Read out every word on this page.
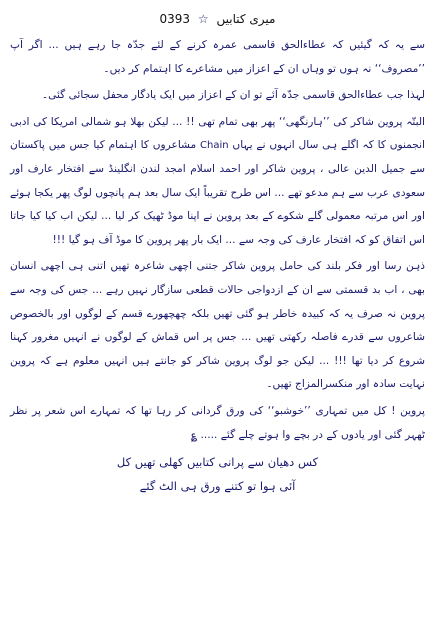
میری کتابیں ☆ 0393

سے یہ کہ گیئیں کہ عطاءالحق قاسمی عمرہ کرنے کے لئے جدّہ جا رہے ہیں ... اگر آپ ’’مصروف‘‘ نہ ہوں تو وہاں ان کے اعزاز میں مشاعرے کا اہتمام کر دیں۔

لہذا جب عطاءالحق قاسمی جدّہ آئے تو ان کے اعزاز میں ایک یادگار محفل سجائی گئی۔

البتّہ پروین شاکر کی ’’ہارنگھی‘‘ پھر بھی تمام تھی !! ... لیکن بھلا ہو شمالی امریکا کی ادبی انجمنوں کا کہ اگلے ہی سال انہوں نے یہاں Chain مشاعروں کا اہتمام کیا جس میں پاکستان سے جمیل الدین عالی ، پروین شاکر اور احمد اسلام امجد لندن انگلینڈ سے افتخار عارف اور سعودی عرب سے ہم مدعو تھے ... اس طرح تقریباً ایک سال بعد ہم پانچوں لوگ پھر یکجا ہوئے اور اس مرتبہ معمولی گلے شکوے کے بعد پروین نے اپنا موڈ ٹھیک کر لیا ... لیکن اب کیا کیا جاتا اس اتفاق کو کہ افتخار عارف کی وجہ سے ... ایک بار پھر پروین کا موڈ آف ہو گیا !!!

ذہن رسا اور فکر بلند کی حامل پروین شاکر جتنی اچھی شاعرہ تھیں اتنی ہی اچھی انسان بھی ، اب بد قسمتی سے ان کے ازدواجی حالات قطعی سازگار نہیں رہے ... جس کی وجہ سے پروین نہ صرف یہ کہ کبیدہ خاطر ہو گئی تھیں بلکہ چھچھورے قسم کے لوگوں اور بالخصوص شاعروں سے قدرے فاصلہ رکھتی تھیں ... جس پر اس قماش کے لوگوں نے انہیں مغرور کہنا شروع کر دیا تھا !!! ... لیکن جو لوگ پروین شاکر کو جانتے ہیں انہیں معلوم ہے کہ پروین نہایت سادہ اور منکسرالمزاج تھیں۔

پروین ! کل میں تمہاری ’’خوشبو‘‘ کی ورق گردانی کر رہا تھا کہ تمہارے اس شعر پر نظر ٹھہر گئی اور یادوں کے در بچے وا ہوتے چلے گئے ..... ؏

کس دھیان سے پرانی کتابیں کھلی تھیں کل
آئی ہوا تو کتنے ورق ہی الٹ گئے
